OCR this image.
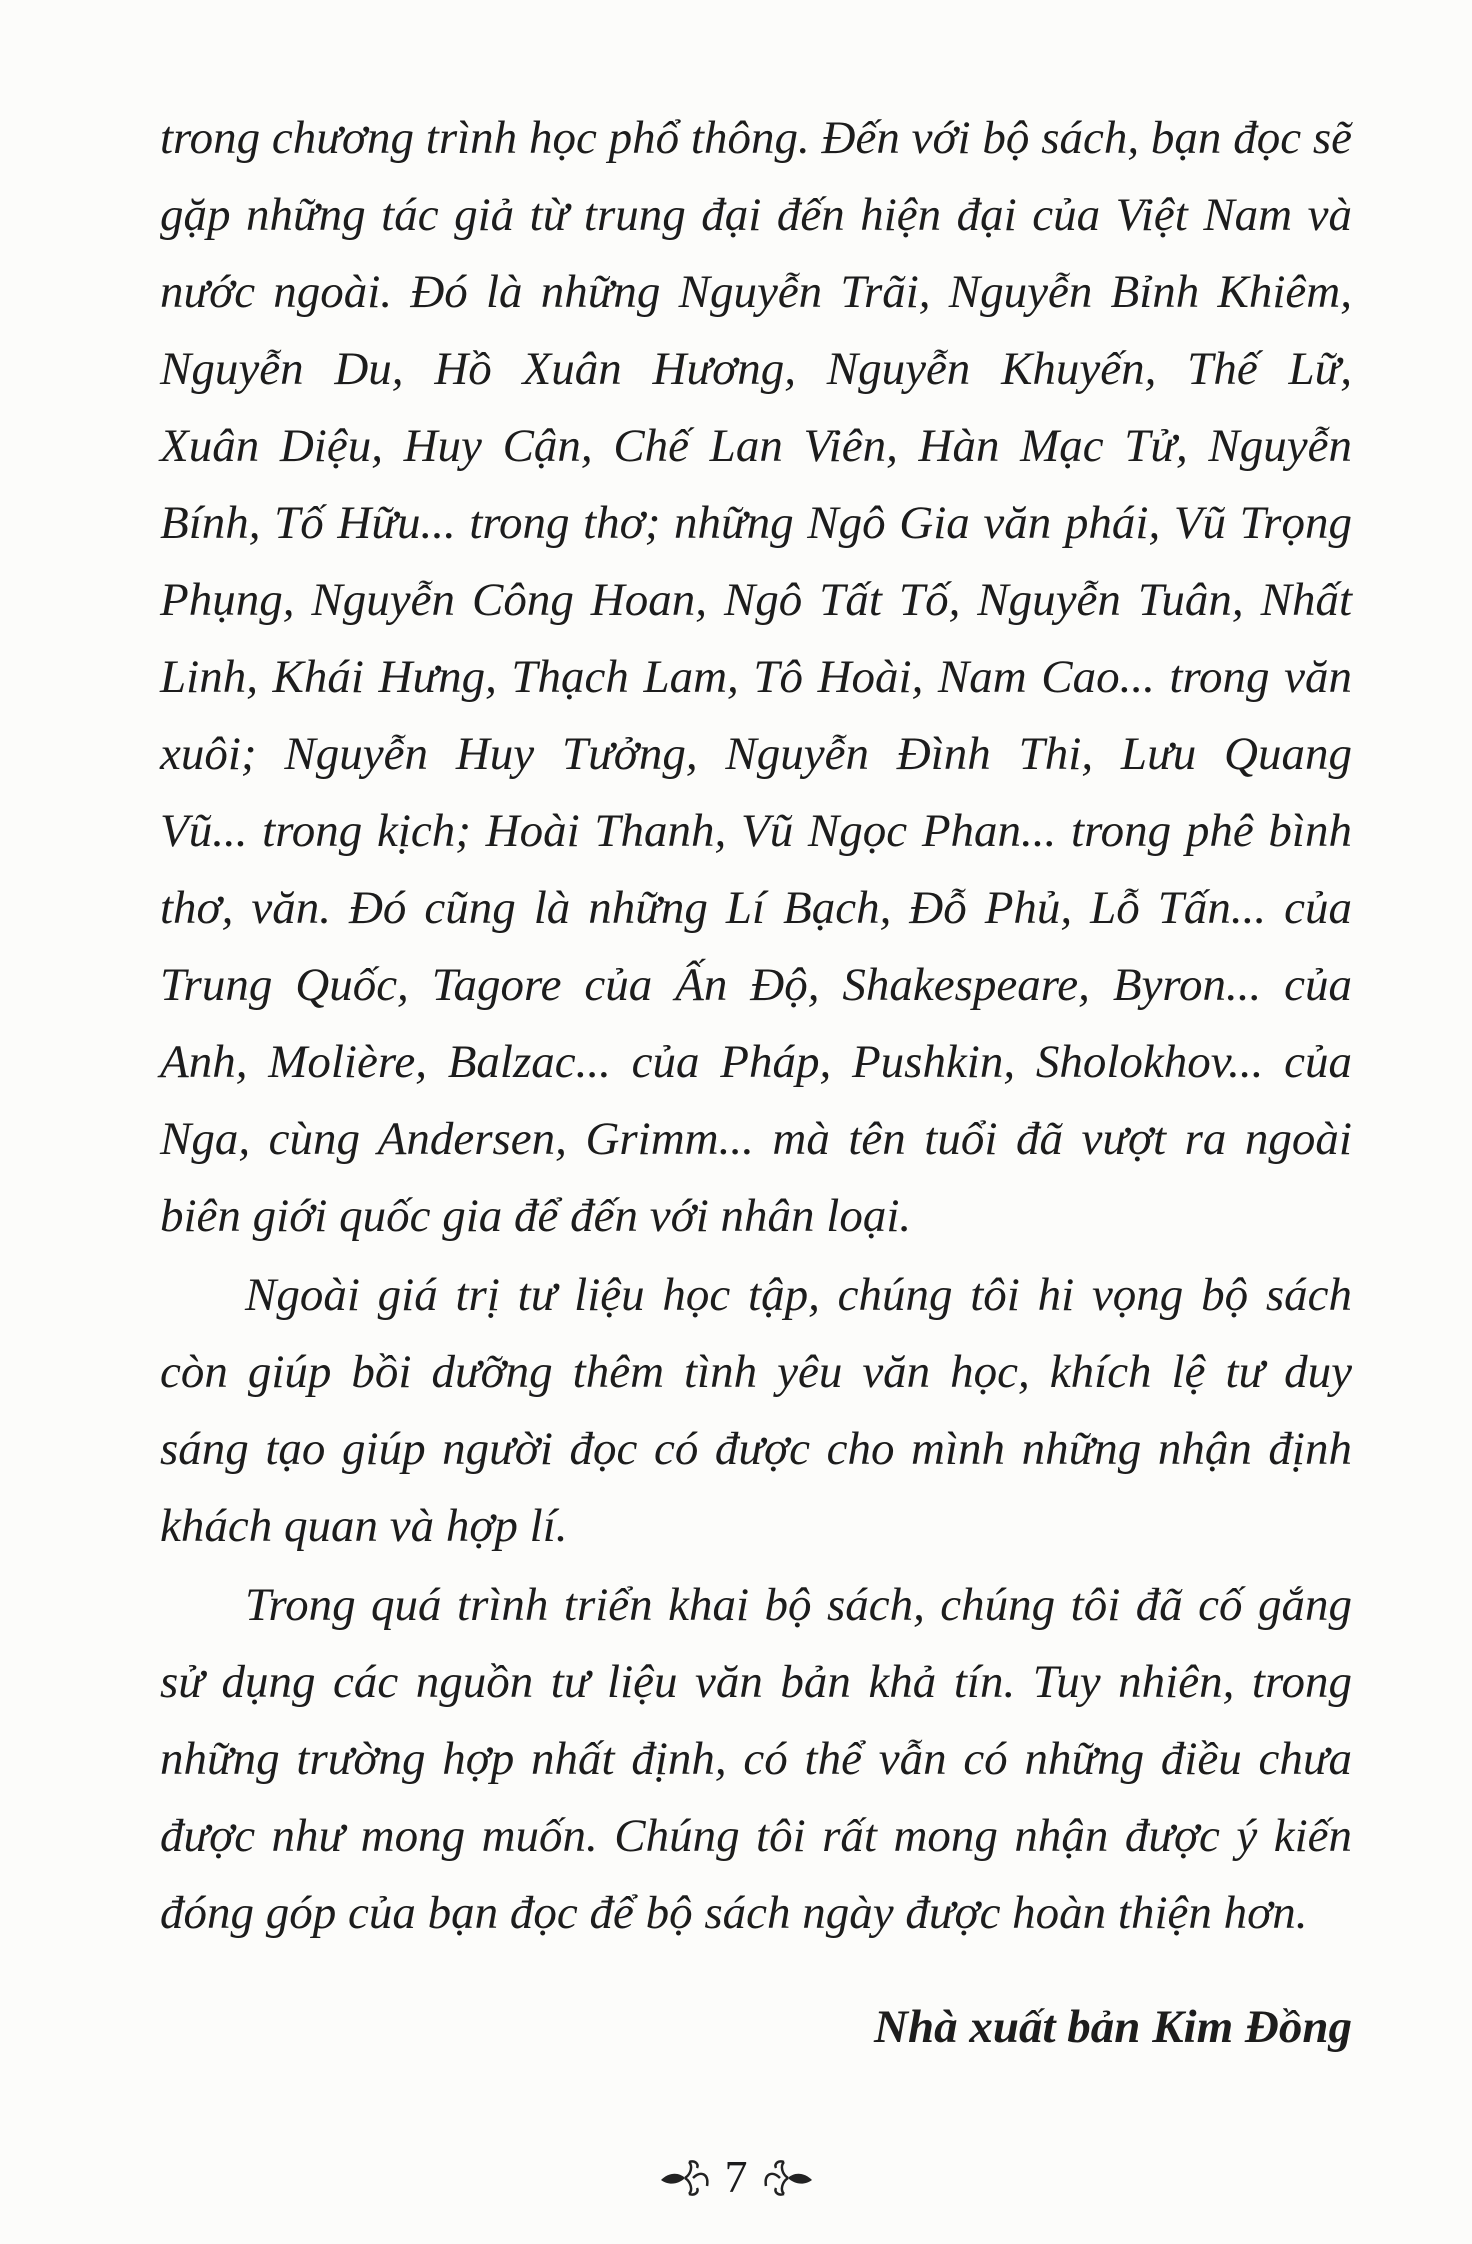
trong chương trình học phổ thông. Đến với bộ sách, bạn đọc sẽ
gặp những tác giả từ trung đại đến hiện đại của Việt Nam và
nước ngoài. Đó là những Nguyễn Trãi, Nguyễn Bỉnh Khiêm,
Nguyễn Du, Hồ Xuân Hương, Nguyễn Khuyến, Thế Lữ,
Xuân Diệu, Huy Cận, Chế Lan Viên, Hàn Mạc Tử, Nguyễn
Bính, Tố Hữu... trong thơ; những Ngô Gia văn phái, Vũ Trọng
Phụng, Nguyễn Công Hoan, Ngô Tất Tố, Nguyễn Tuân, Nhất
Linh, Khái Hưng, Thạch Lam, Tô Hoài, Nam Cao... trong văn
xuôi; Nguyễn Huy Tưởng, Nguyễn Đình Thi, Lưu Quang
Vũ... trong kịch; Hoài Thanh, Vũ Ngọc Phan... trong phê bình
thơ, văn. Đó cũng là những Lí Bạch, Đỗ Phủ, Lỗ Tấn... của
Trung Quốc, Tagore của Ấn Độ, Shakespeare, Byron... của
Anh, Molière, Balzac... của Pháp, Pushkin, Sholokhov... của
Nga, cùng Andersen, Grimm... mà tên tuổi đã vượt ra ngoài
biên giới quốc gia để đến với nhân loại.
Ngoài giá trị tư liệu học tập, chúng tôi hi vọng bộ sách
còn giúp bồi dưỡng thêm tình yêu văn học, khích lệ tư duy
sáng tạo giúp người đọc có được cho mình những nhận định
khách quan và hợp lí.
Trong quá trình triển khai bộ sách, chúng tôi đã cố gắng
sử dụng các nguồn tư liệu văn bản khả tín. Tuy nhiên, trong
những trường hợp nhất định, có thể vẫn có những điều chưa
được như mong muốn. Chúng tôi rất mong nhận được ý kiến
đóng góp của bạn đọc để bộ sách ngày được hoàn thiện hơn.
Nhà xuất bản Kim Đồng
7
